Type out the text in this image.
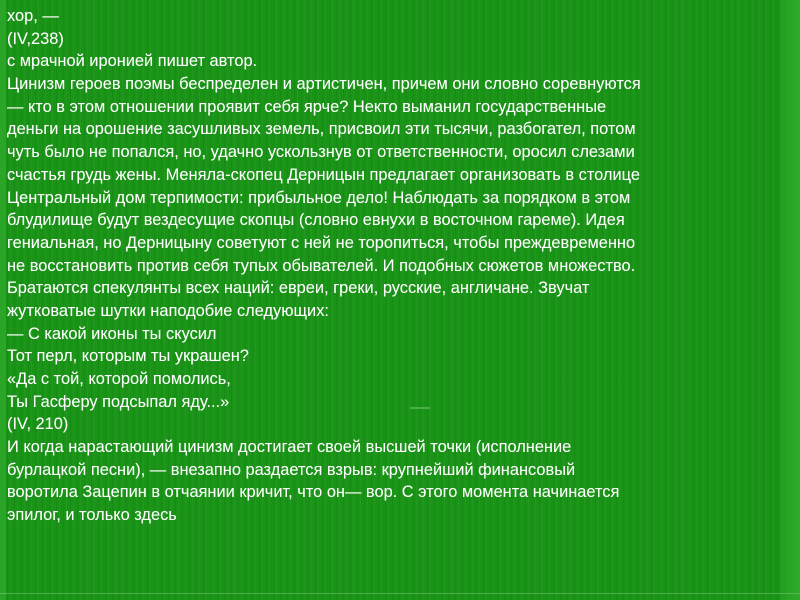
хор, —
(IV,238)
с мрачной иронией пишет автор.
Цинизм героев поэмы беспределен и артистичен, причем они словно соревнуются
— кто в этом отношении проявит себя ярче? Некто выманил государственные
деньги на орошение засушливых земель, присвоил эти тысячи, разбогател, потом
чуть было не попался, но, удачно ускользнув от ответственности, оросил слезами
счастья грудь жены. Меняла-скопец Дерницын предлагает организовать в столице
Центральный дом терпимости: прибыльное дело! Наблюдать за порядком в этом
блудилище будут вездесущие скопцы (словно евнухи в восточном гареме). Идея
гениальная, но Дерницыну советуют с ней не торопиться, чтобы преждевременно
не восстановить против себя тупых обывателей. И подобных сюжетов множество.
Братаются спекулянты всех наций: евреи, греки, русские, англичане. Звучат
жутковатые шутки наподобие следующих:
— С какой иконы ты скусил
Тот перл, которым ты украшен?
«Да с той, которой помолись,
Ты Гасферу подсыпал яду...»
(IV, 210)
И когда нарастающий цинизм достигает своей высшей точки (исполнение
бурлацкой песни), — внезапно раздается взрыв: крупнейший финансовый
воротила Зацепин в отчаянии кричит, что он— вор. С этого момента начинается
эпилог, и только здесь
